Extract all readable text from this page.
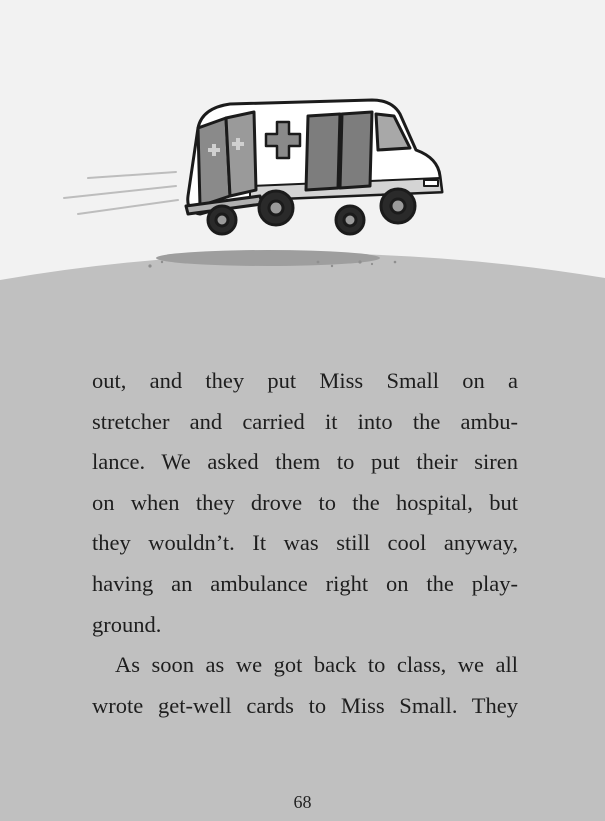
out, and they put Miss Small on a
stretcher and carried it into the ambu-
lance. We asked them to put their siren
on when they drove to the hospital, but
they wouldn’t. It was still cool anyway,
having an ambulance right on the play-
ground.
As soon as we got back to class, we all
wrote get-well cards to Miss Small. They
68
